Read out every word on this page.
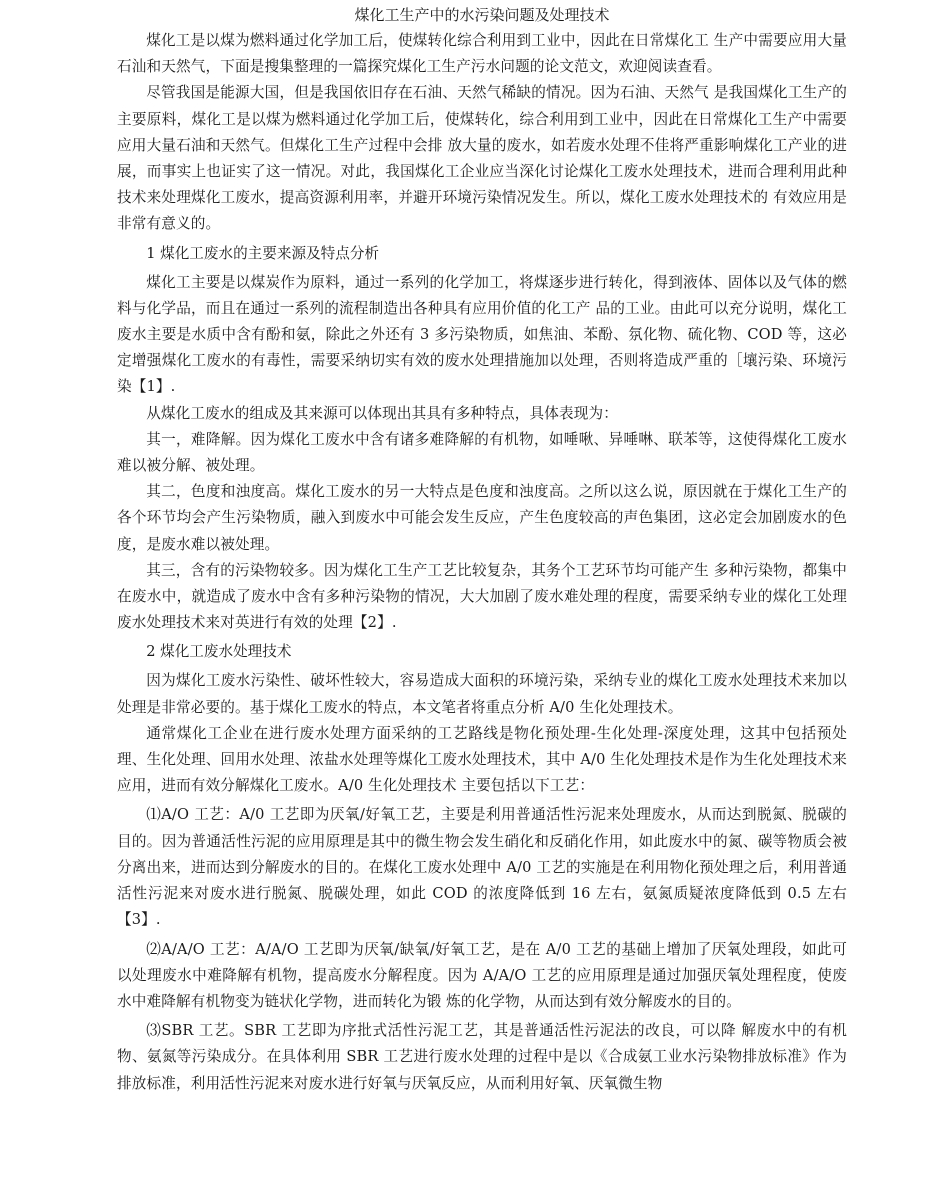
煤化工生产中的水污染问题及处理技术

煤化工是以煤为燃料通过化学加工后，使煤转化综合利用到工业中，因此在日常煤化工 生产中需要应用大量石汕和天然气，下面是搜集整理的一篇探究煤化工生产污水问题的论文范文，欢迎阅读查看。

尽管我国是能源大国，但是我国依旧存在石油、天然气稀缺的情况。因为石油、天然气 是我国煤化工生产的主要原料，煤化工是以煤为燃料通过化学加工后，使煤转化，综合利用到工业中，因此在日常煤化工生产中需要应用大量石油和天然气。但煤化工生产过程中会排 放大量的废水，如若废水处理不佳将严重影响煤化工产业的进展，而事实上也证实了这一情况。对此，我国煤化工企业应当深化讨论煤化工废水处理技术，进而合理利用此种技术来处理煤化工废水，提高资源利用率，并避开环境污染情况发生。所以，煤化工废水处理技术的 有效应用是非常有意义的。

1 煤化工废水的主要来源及特点分析

煤化工主要是以煤炭作为原料，通过一系列的化学加工，将煤逐步进行转化，得到液体、固体以及气体的燃料与化学品，而且在通过一系列的流程制造出各种具有应用价值的化工产 品的工业。由此可以充分说明，煤化工废水主要是水质中含有酚和氨，除此之外还有 3 多污染物质，如焦油、苯酚、氛化物、硫化物、COD 等，这必定增强煤化工废水的有毒性，需要采纳切实有效的废水处理措施加以处理，否则将造成严重的［壤污染、环境污染【1】.

从煤化工废水的组成及其来源可以体现出其具有多种特点，具体表现为：

其一，难降解。因为煤化工废水中含有诸多难降解的有机物，如唾啾、异唾啉、联苯等，这使得煤化工废水难以被分解、被处理。

其二，色度和浊度高。煤化工废水的另一大特点是色度和浊度高。之所以这么说，原因就在于煤化工生产的各个环节均会产生污染物质，融入到废水中可能会发生反应，产生色度较高的声色集团，这必定会加剧废水的色度，是废水难以被处理。

其三，含有的污染物较多。因为煤化工生产工艺比较复杂，其务个工艺环节均可能产生 多种污染物，都集中在废水中，就造成了废水中含有多种污染物的情况，大大加剧了废水难处理的程度，需要采纳专业的煤化工处理废水处理技术来对英进行有效的处理【2】.

2 煤化工废水处理技术

因为煤化工废水污染性、破坏性较大，容易造成大面积的环境污染，采纳专业的煤化工废水处理技术来加以处理是非常必要的。基于煤化工废水的特点，本文笔者将重点分析 A/0 生化处理技术。

通常煤化工企业在进行废水处理方面采纳的工艺路线是物化预处理-生化处理-深度处理，这其中包括预处理、生化处理、回用水处理、浓盐水处理等煤化工废水处理技术，其中 A/0 生化处理技术是作为生化处理技术来应用，进而有效分解煤化工废水。A/0 生化处理技术 主要包括以下工艺：

⑴A/O 工艺：A/0 工艺即为厌氧/好氧工艺，主要是利用普通活性污泥来处理废水，从而达到脱氮、脱碳的目的。因为普通活性污泥的应用原理是其中的微生物会发生硝化和反硝化作用，如此废水中的氮、碳等物质会被分离出来，进而达到分解废水的目的。在煤化工废水处理中 A/0 工艺的实施是在利用物化预处理之后，利用普通活性污泥来对废水进行脱氮、脱碳处理，如此 COD 的浓度降低到 16 左右，氨氮质疑浓度降低到 0.5 左右【3】.

⑵A/A/O 工艺：A/A/O 工艺即为厌氧/缺氧/好氧工艺，是在 A/0 工艺的基础上增加了厌氧处理段，如此可以处理废水中难降解有机物，提高废水分解程度。因为 A/A/O 工艺的应用原理是通过加强厌氧处理程度，使废水中难降解有机物变为链状化学物，进而转化为锻 炼的化学物，从而达到有效分解废水的目的。

⑶SBR 工艺。SBR 工艺即为序批式活性污泥工艺，其是普通活性污泥法的改良，可以降 解废水中的有机物、氨氮等污染成分。在具体利用 SBR 工艺进行废水处理的过程中是以《合成氨工业水污染物排放标准》作为排放标准，利用活性污泥来对废水进行好氧与厌氧反应，从而利用好氧、厌氧微生物
